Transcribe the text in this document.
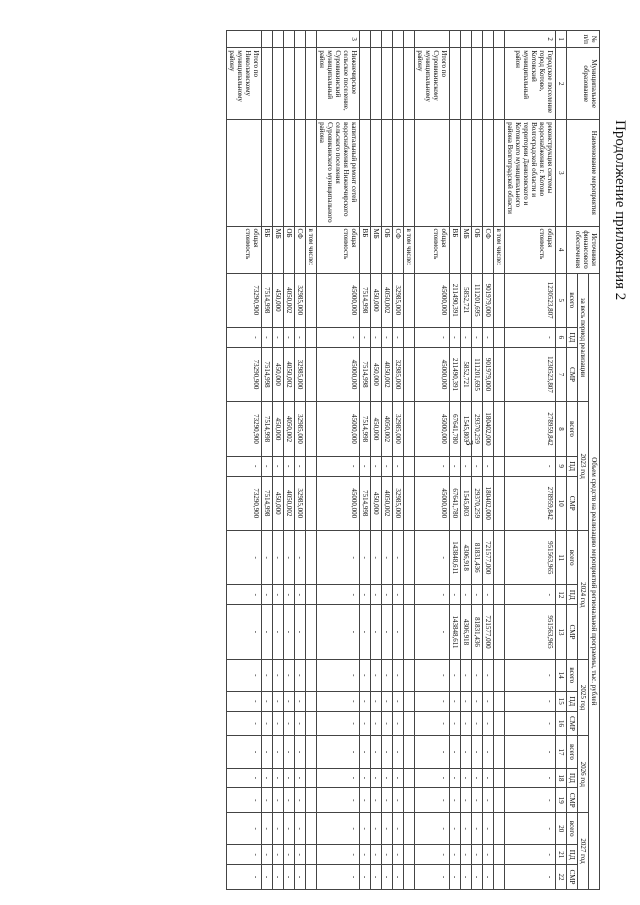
3
Продолжение приложения 2
№ п/п	Муниципальное образование	Наименование мероприятия	Источники финансового обеспечения	Объем средств на реализацию мероприятий региональной программы, тыс. рублей																	
				за весь период реализации			2023 год			2024 год			2025 год			2026 год			2027 год		
				всего	ПД	СМР	всего	ПД	СМР	всего	ПД	СМР	всего	ПД	СМР	всего	ПД	СМР	всего	ПД	СМР
1	2	3	4	5	6	7	8	9	10	11	12	13	14	15	16	17	18	19	20	21	22
2	Городское поселение город Котово, Котовский муниципальный район	реконструкция системы водоснабжения г. Котово Волгоградской области и территории Даниловского и Котовского муниципального района Волгоградской области	общая стоимость	1230523,807	-	1230523,807	278959,842	-	278959,842	951563,965	-	951563,965	-	-	-	-	-	-	-	-	-
			в том числе:																		
			СФ	901979,000	-	901979,000	180402,000	-	180402,000	721577,000	-	721577,000	-	-	-	-	-	-	-	-	-
			ОБ	111201,695	-	111201,695	29370,259	-	29370,259	81831,436	-	81831,436	-	-	-	-	-	-	-	-	-
			МБ	5852,721	-	5852,721	1545,803	-	1545,803	4306,918	-	4306,918	-	-	-	-	-	-	-	-	-
			ВБ	211490,391	-	211490,391	67641,780	-	67641,780	143848,611	-	143848,611	-	-	-	-	-	-	-	-	-
	Итого по Суровикинскому муниципальному району		общая стоимость	45000,000	-	45000,000	45000,000	-	45000,000	-	-	-	-	-	-	-	-	-	-	-	-
			в том числе:																		
			СФ	32985,000	-	32985,000	32985,000	-	32985,000	-	-	-	-	-	-	-	-	-	-	-	-
			ОБ	4050,002	-	4050,002	4050,002	-	4050,002	-	-	-	-	-	-	-	-	-	-	-	-
			МБ	450,000	-	450,000	450,000	-	450,000	-	-	-	-	-	-	-	-	-	-	-	-
			ВБ	7514,998	-	7514,998	7514,998	-	7514,998	-	-	-	-	-	-	-	-	-	-	-	-
3	Нижнечирское сельское поселение, Суровикинский муниципальный район	капитальный ремонт сетей водоснабжения Нижнечирского сельского поселения Суровикинского муниципального района	общая стоимость	45000,000	-	45000,000	45000,000	-	45000,000	-	-	-	-	-	-	-	-	-	-	-	-
			в том числе:																		
			СФ	32985,000	-	32985,000	32985,000	-	32985,000	-	-	-	-	-	-	-	-	-	-	-	-
			ОБ	4050,002	-	4050,002	4050,002	-	4050,002	-	-	-	-	-	-	-	-	-	-	-	-
			МБ	450,000	-	450,000	450,000	-	450,000	-	-	-	-	-	-	-	-	-	-	-	-
			ВБ	7514,998	-	7514,998	7514,998	-	7514,998	-	-	-	-	-	-	-	-	-	-	-	-
	Итого по Николаевскому муниципальному району		общая стоимость	73290,900	-	73290,900	73290,900	-	73290,900	-	-	-	-	-	-	-	-	-	-	-	-
